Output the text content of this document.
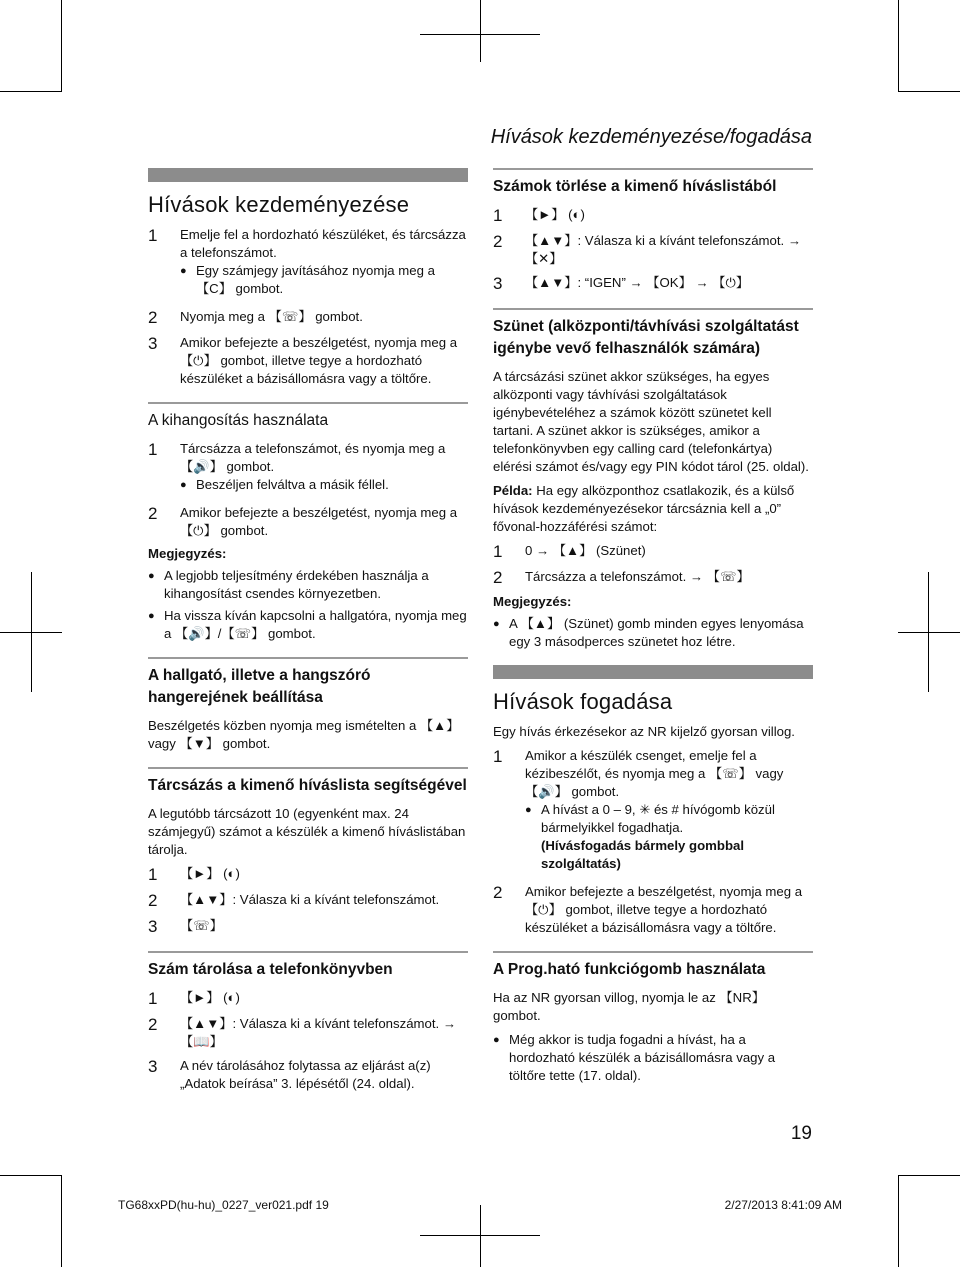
Hívások kezdeményezése/fogadása
Hívások kezdeményezése
1	Emelje fel a hordozható készüléket, és tárcsázza a telefonszámot.
● Egy számjegy javításához nyomja meg a 【C】 gombot.
2	Nyomja meg a 【☏】 gombot.
3	Amikor befejezte a beszélgetést, nyomja meg a 【⏻】 gombot, illetve tegye a hordozható készüléket a bázisállomásra vagy a töltőre.
A kihangosítás használata
1	Tárcsázza a telefonszámot, és nyomja meg a 【🔊】 gombot.
● Beszéljen felváltva a másik féllel.
2	Amikor befejezte a beszélgetést, nyomja meg a 【⏻】 gombot.
Megjegyzés:
● A legjobb teljesítmény érdekében használja a kihangosítást csendes környezetben.
● Ha vissza kíván kapcsolni a hallgatóra, nyomja meg a 【🔊】/【☏】 gombot.
A hallgató, illetve a hangszóró hangerejének beállítása

Beszélgetés közben nyomja meg ismételten a 【▲】 vagy 【▼】 gombot.

Tárcsázás a kimenő híváslista segítségével

A legutóbb tárcsázott 10 (egyenként max. 24 számjegyű) számot a készülék a kimenő híváslistában tárolja.

1	【►】 (◐)
2	【▲▼】: Válasza ki a kívánt telefonszámot.
3	【☏】
Szám tárolása a telefonkönyvben
1	【►】 (◐)
2	【▲▼】: Válasza ki a kívánt telefonszámot. → 【📖】
3	A név tárolásához folytassa az eljárást a(z) „Adatok beírása” 3. lépésétől (24. oldal).
Számok törlése a kimenő híváslistából
1	【►】 (◐)
2	【▲▼】: Válasza ki a kívánt telefonszámot. → 【✕】
3	【▲▼】: “IGEN” → 【OK】 → 【⏻】
Szünet (alközponti/távhívási szolgáltatást igénybe vevő felhasználók számára)

A tárcsázási szünet akkor szükséges, ha egyes alközponti vagy távhívási szolgáltatások igénybevételéhez a számok között szünetet kell tartani. A szünet akkor is szükséges, amikor a telefonkönyvben egy calling card (telefonkártya) elérési számot és/vagy egy PIN kódot tárol (25. oldal).

Példa: Ha egy alközponthoz csatlakozik, és a külső hívások kezdeményezésekor tárcsáznia kell a „0” fővonal-hozzáférési számot:

1	0 → 【▲】 (Szünet)
2	Tárcsázza a telefonszámot. → 【☏】
Megjegyzés:
● A 【▲】 (Szünet) gomb minden egyes lenyomása egy 3 másodperces szünetet hoz létre.
Hívások fogadása

Egy hívás érkezésekor az NR kijelző gyorsan villog.

1	Amikor a készülék csenget, emelje fel a kézibeszélőt, és nyomja meg a 【☏】 vagy 【🔊】 gombot.
● A hívást a 0 – 9, ✳ és # hívógomb közül bármelyikkel fogadhatja.
(Hívásfogadás bármely gombbal szolgáltatás)
2	Amikor befejezte a beszélgetést, nyomja meg a 【⏻】 gombot, illetve tegye a hordozható készüléket a bázisállomásra vagy a töltőre.
A Prog.ható funkciógomb használata

Ha az NR gyorsan villog, nyomja le az 【NR】 gombot.

● Még akkor is tudja fogadni a hívást, ha a hordozható készülék a bázisállomásra vagy a töltőre tette (17. oldal).
19
TG68xxPD(hu-hu)_0227_ver021.pdf 19	2/27/2013 8:41:09 AM
